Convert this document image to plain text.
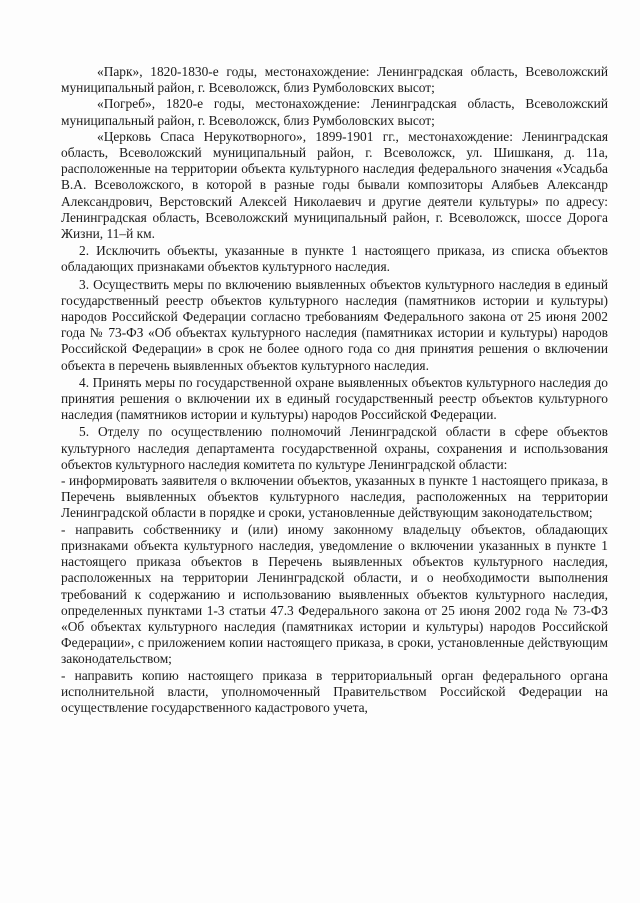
«Парк», 1820-1830-е годы, местонахождение: Ленинградская область, Всеволожский муниципальный район, г. Всеволожск, близ Румболовских высот;

«Погреб», 1820-е годы, местонахождение: Ленинградская область, Всеволожский муниципальный район, г. Всеволожск, близ Румболовских высот;

«Церковь Спаса Нерукотворного», 1899-1901 гг., местонахождение: Ленинградская область, Всеволожский муниципальный район, г. Всеволожск, ул. Шишканя, д. 11а, расположенные на территории объекта культурного наследия федерального значения «Усадьба В.А. Всеволожского, в которой в разные годы бывали композиторы Алябьев Александр Александрович, Верстовский Алексей Николаевич и другие деятели культуры» по адресу: Ленинградская область, Всеволожский муниципальный район, г. Всеволожск, шоссе Дорога Жизни, 11–й км.

2. Исключить объекты, указанные в пункте 1 настоящего приказа, из списка объектов обладающих признаками объектов культурного наследия.

3. Осуществить меры по включению выявленных объектов культурного наследия в единый государственный реестр объектов культурного наследия (памятников истории и культуры) народов Российской Федерации согласно требованиям Федерального закона от 25 июня 2002 года № 73-ФЗ «Об объектах культурного наследия (памятниках истории и культуры) народов Российской Федерации» в срок не более одного года со дня принятия решения о включении объекта в перечень выявленных объектов культурного наследия.

4. Принять меры по государственной охране выявленных объектов культурного наследия до принятия решения о включении их в единый государственный реестр объектов культурного наследия (памятников истории и культуры) народов Российской Федерации.

5. Отделу по осуществлению полномочий Ленинградской области в сфере объектов культурного наследия департамента государственной охраны, сохранения и использования объектов культурного наследия комитета по культуре Ленинградской области:

- информировать заявителя о включении объектов, указанных в пункте 1 настоящего приказа, в Перечень выявленных объектов культурного наследия, расположенных на территории Ленинградской области в порядке и сроки, установленные действующим законодательством;

- направить собственнику и (или) иному законному владельцу объектов, обладающих признаками объекта культурного наследия, уведомление о включении указанных в пункте 1 настоящего приказа объектов в Перечень выявленных объектов культурного наследия, расположенных на территории Ленинградской области, и о необходимости выполнения требований к содержанию и использованию выявленных объектов культурного наследия, определенных пунктами 1-3 статьи 47.3 Федерального закона от 25 июня 2002 года № 73-ФЗ «Об объектах культурного наследия (памятниках истории и культуры) народов Российской Федерации», с приложением копии настоящего приказа, в сроки, установленные действующим законодательством;

- направить копию настоящего приказа в территориальный орган федерального органа исполнительной власти, уполномоченный Правительством Российской Федерации на осуществление государственного кадастрового учета,
